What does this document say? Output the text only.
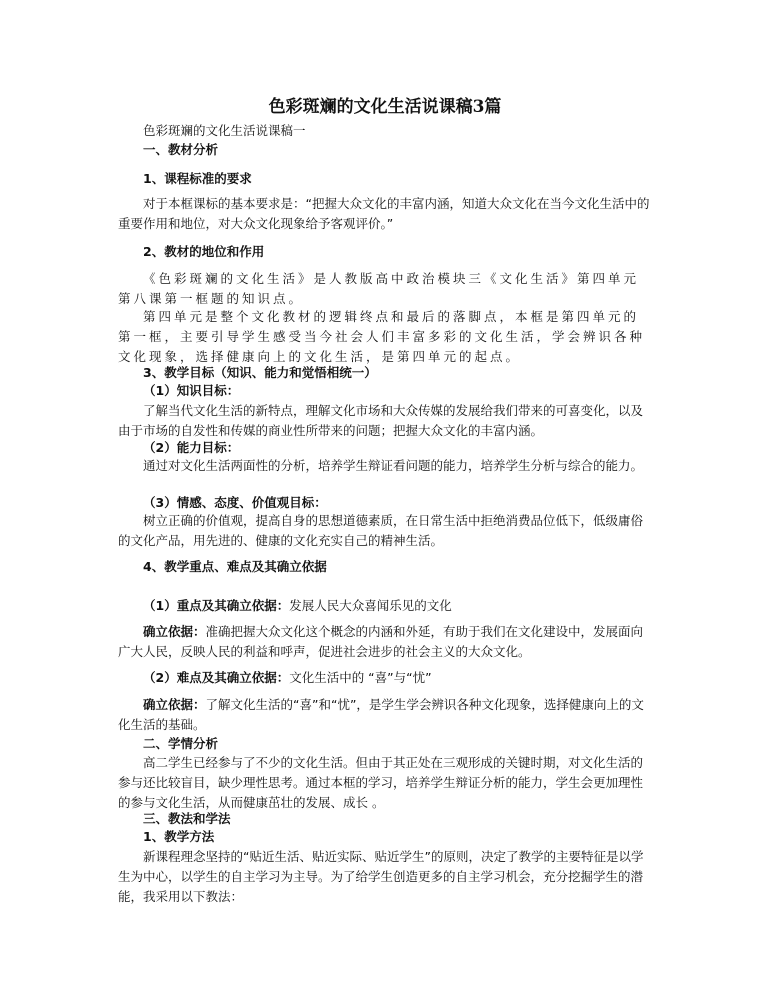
色彩斑斓的文化生活说课稿3篇
色彩斑斓的文化生活说课稿一
一、教材分析
1、课程标准的要求
对于本框课标的基本要求是：“把握大众文化的丰富内涵，知道大众文化在当今文化生活中的重要作用和地位，对大众文化现象给予客观评价。”
2、教材的地位和作用
《色彩斑斓的文化生活》是人教版高中政治模块三《文化生活》第四单元第八课第一框题的知识点。
第四单元是整个文化教材的逻辑终点和最后的落脚点，本框是第四单元的第一框，主要引导学生感受当今社会人们丰富多彩的文化生活，学会辨识各种文化现象，选择健康向上的文化生活，是第四单元的起点。
3、教学目标（知识、能力和觉悟相统一）
（1）知识目标：
了解当代文化生活的新特点，理解文化市场和大众传媒的发展给我们带来的可喜变化，以及由于市场的自发性和传媒的商业性所带来的问题；把握大众文化的丰富内涵。
（2）能力目标：
通过对文化生活两面性的分析，培养学生辩证看问题的能力，培养学生分析与综合的能力。
（3）情感、态度、价值观目标：
树立正确的价值观，提高自身的思想道德素质，在日常生活中拒绝消费品位低下，低级庸俗的文化产品，用先进的、健康的文化充实自己的精神生活。
4、教学重点、难点及其确立依据
（1）重点及其确立依据：发展人民大众喜闻乐见的文化
确立依据：准确把握大众文化这个概念的内涵和外延，有助于我们在文化建设中，发展面向广大人民，反映人民的利益和呼声，促进社会进步的社会主义的大众文化。
（2）难点及其确立依据：文化生活中的 “喜”与“忧”
确立依据：了解文化生活的“喜”和“忧”，是学生学会辨识各种文化现象，选择健康向上的文化生活的基础。
二、学情分析
高二学生已经参与了不少的文化生活。但由于其正处在三观形成的关键时期，对文化生活的参与还比较盲目，缺少理性思考。通过本框的学习，培养学生辩证分析的能力，学生会更加理性的参与文化生活，从而健康茁壮的发展、成长 。
三、教法和学法
1、教学方法
新课程理念坚持的“贴近生活、贴近实际、贴近学生”的原则，决定了教学的主要特征是以学生为中心，以学生的自主学习为主导。为了给学生创造更多的自主学习机会，充分挖掘学生的潜能，我采用以下教法：
